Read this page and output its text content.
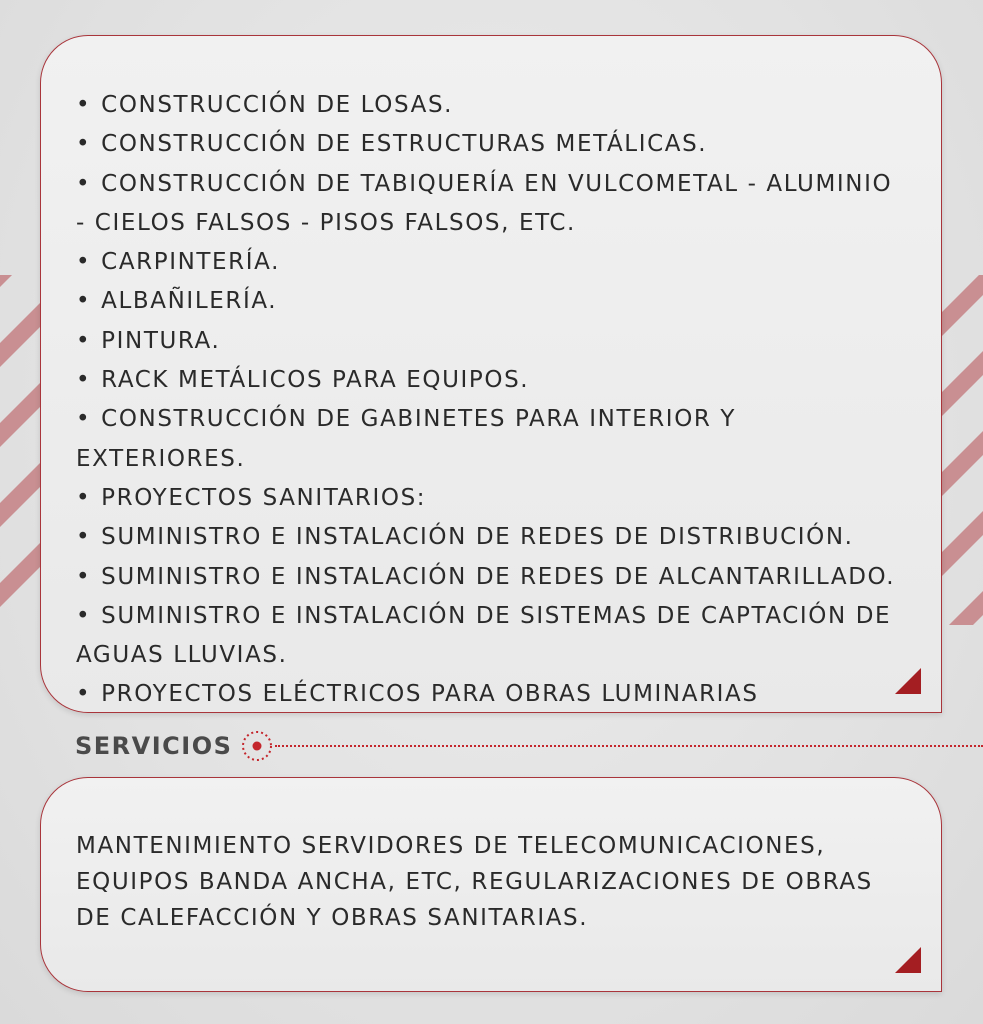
• CONSTRUCCIÓN DE LOSAS.
• CONSTRUCCIÓN DE ESTRUCTURAS METÁLICAS.
• CONSTRUCCIÓN DE TABIQUERÍA EN VULCOMETAL - ALUMINIO - CIELOS FALSOS - PISOS FALSOS, ETC.
• CARPINTERÍA.
• ALBAÑILERÍA.
• PINTURA.
• RACK METÁLICOS PARA EQUIPOS.
• CONSTRUCCIÓN DE GABINETES PARA INTERIOR Y EXTERIORES.
• PROYECTOS SANITARIOS:
• SUMINISTRO E INSTALACIÓN DE REDES DE DISTRIBUCIÓN.
• SUMINISTRO E INSTALACIÓN DE REDES DE ALCANTARILLADO.
• SUMINISTRO E INSTALACIÓN DE SISTEMAS DE CAPTACIÓN DE AGUAS LLUVIAS.
• PROYECTOS ELÉCTRICOS PARA OBRAS LUMINARIAS
SERVICIOS

MANTENIMIENTO SERVIDORES DE TELECOMUNICACIONES, EQUIPOS BANDA ANCHA, ETC, REGULARIZACIONES DE OBRAS DE CALEFACCIÓN Y OBRAS SANITARIAS.
